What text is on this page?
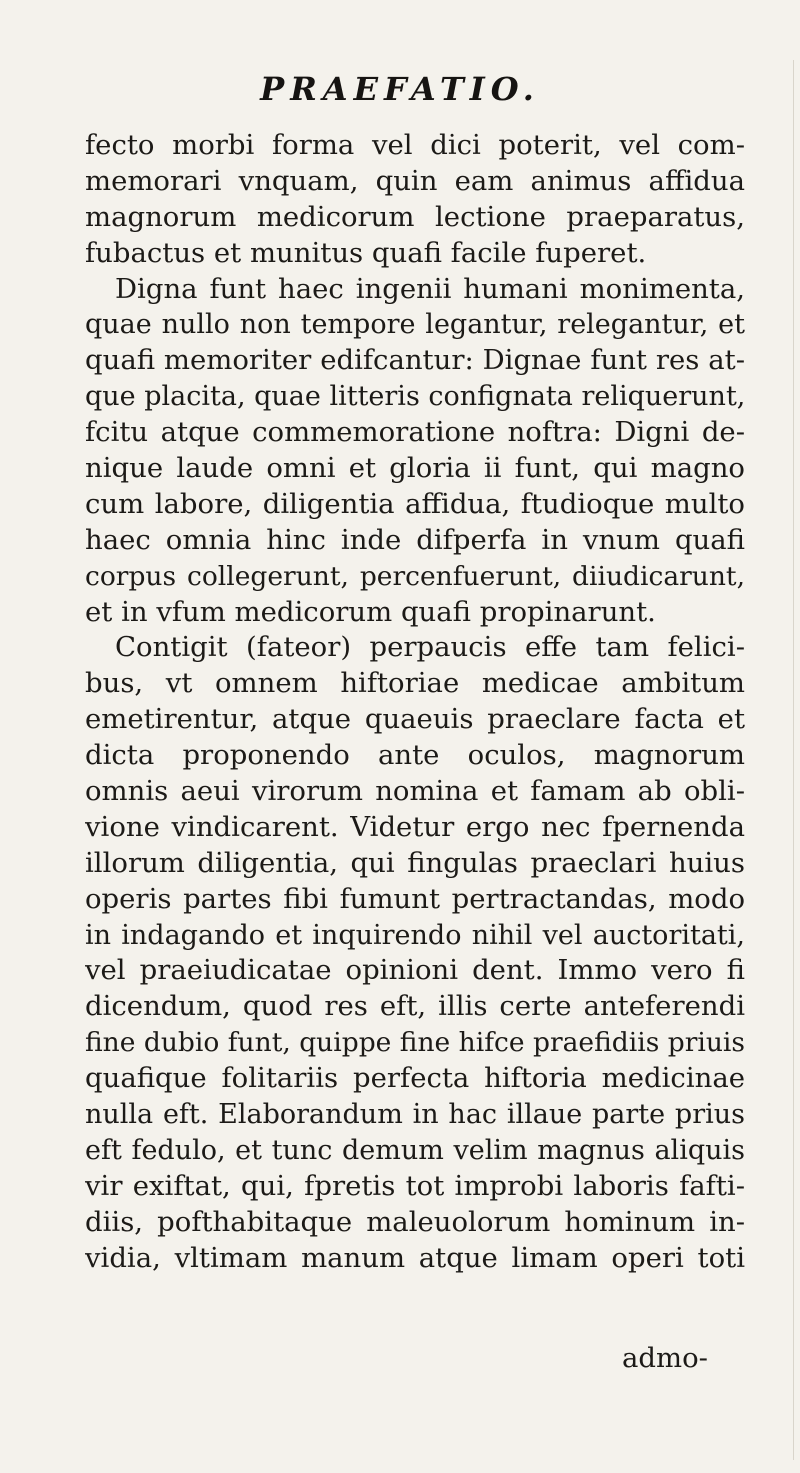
PRAEFATIO.
fecto morbi forma vel dici poterit, vel com-
memorari vnquam, quin eam animus affidua
magnorum medicorum lectione praeparatus,
fubactus et munitus quafi facile fuperet.
Digna funt haec ingenii humani monimenta,
quae nullo non tempore legantur, relegantur, et
quafi memoriter edifcantur: Dignae funt res at-
que placita, quae litteris confignata reliquerunt,
fcitu atque commemoratione noftra: Digni de-
nique laude omni et gloria ii funt, qui magno
cum labore, diligentia affidua, ftudioque multo
haec omnia hinc inde difperfa in vnum quafi
corpus collegerunt, percenfuerunt, diiudicarunt,
et in vfum medicorum quafi propinarunt.
Contigit (fateor) perpaucis effe tam felici-
bus, vt omnem hiftoriae medicae ambitum
emetirentur, atque quaeuis praeclare facta et
dicta proponendo ante oculos, magnorum
omnis aeui virorum nomina et famam ab obli-
vione vindicarent. Videtur ergo nec fpernenda
illorum diligentia, qui fingulas praeclari huius
operis partes fibi fumunt pertractandas, modo
in indagando et inquirendo nihil vel auctoritati,
vel praeiudicatae opinioni dent. Immo vero fi
dicendum, quod res eft, illis certe anteferendi
fine dubio funt, quippe fine hifce praefidiis priuis
quafique folitariis perfecta hiftoria medicinae
nulla eft. Elaborandum in hac illaue parte prius
eft fedulo, et tunc demum velim magnus aliquis
vir exiftat, qui, fpretis tot improbi laboris fafti-
diis, pofthabitaque maleuolorum hominum in-
vidia, vltimam manum atque limam operi toti
admo-
